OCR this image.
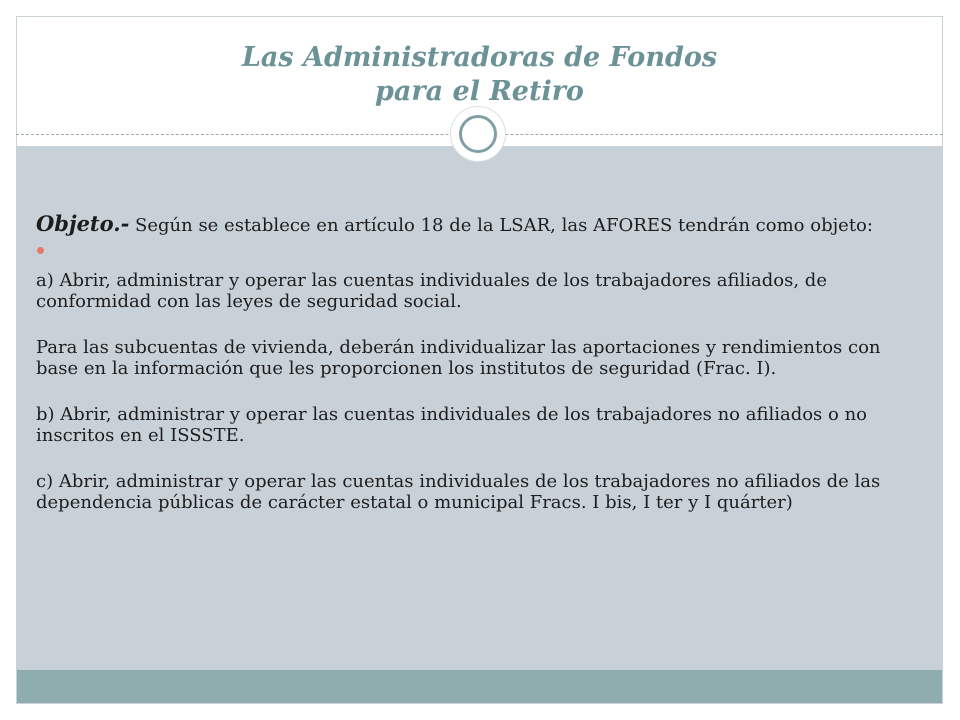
Las Administradoras de Fondos
para el Retiro

Objeto.- Según se establece en artículo 18 de la LSAR, las AFORES tendrán como objeto:

a) Abrir, administrar y operar las cuentas individuales de los trabajadores afiliados, de conformidad con las leyes de seguridad social.

Para las subcuentas de vivienda, deberán individualizar las aportaciones y rendimientos con base en la información que les proporcionen los institutos de seguridad (Frac. I).

b) Abrir, administrar y operar las cuentas individuales de los trabajadores no afiliados o no inscritos en el ISSSTE.

c) Abrir, administrar y operar las cuentas individuales de los trabajadores no afiliados de las dependencia públicas de carácter estatal o municipal Fracs. I bis, I ter y I quárter)
